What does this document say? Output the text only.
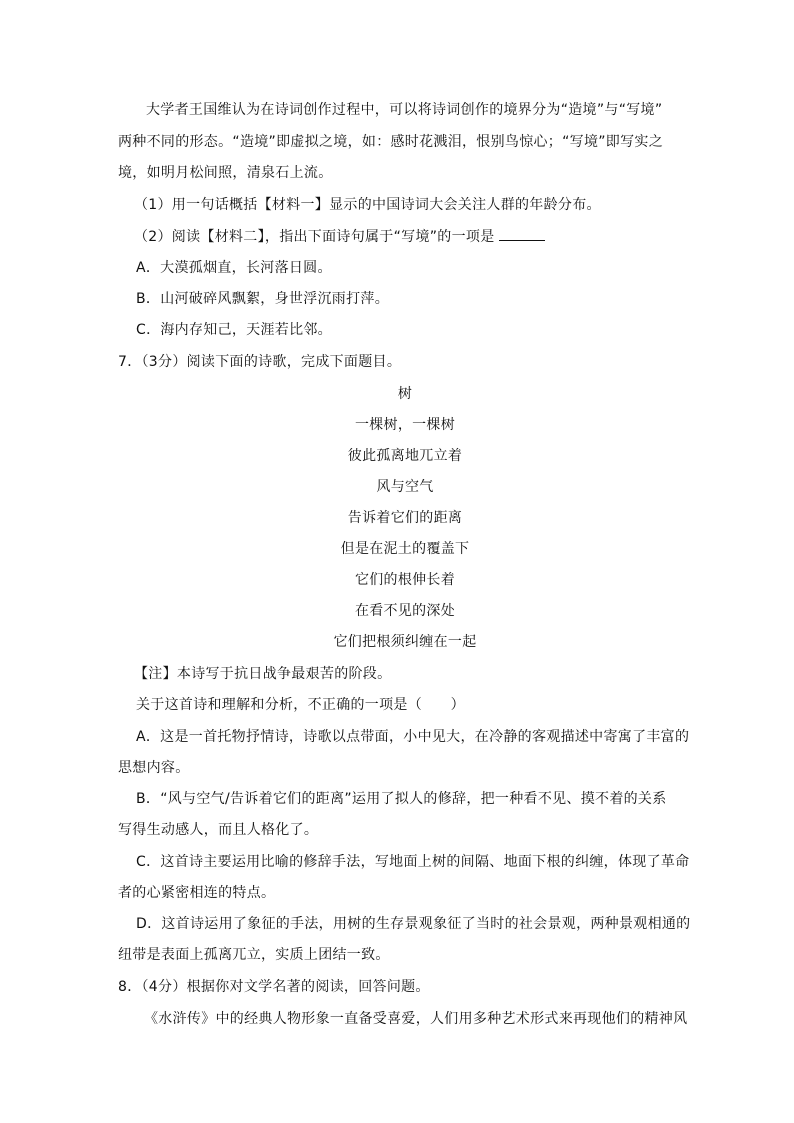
大学者王国维认为在诗词创作过程中，可以将诗词创作的境界分为“造境”与“写境”
两种不同的形态。“造境”即虚拟之境，如：感时花溅泪，恨别鸟惊心；“写境”即写实之
境，如明月松间照，清泉石上流。
（1）用一句话概括【材料一】显示的中国诗词大会关注人群的年龄分布。
（2）阅读【材料二】，指出下面诗句属于“写境”的一项是
A．大漠孤烟直，长河落日圆。
B．山河破碎风飘絮，身世浮沉雨打萍。
C．海内存知己，天涯若比邻。
7．（3分）阅读下面的诗歌，完成下面题目。
树
一棵树，一棵树
彼此孤离地兀立着
风与空气
告诉着它们的距离
但是在泥土的覆盖下
它们的根伸长着
在看不见的深处
它们把根须纠缠在一起
【注】本诗写于抗日战争最艰苦的阶段。
关于这首诗和理解和分析，不正确的一项是（　　）
A．这是一首托物抒情诗，诗歌以点带面，小中见大，在冷静的客观描述中寄寓了丰富的
思想内容。
B．“风与空气/告诉着它们的距离”运用了拟人的修辞，把一种看不见、摸不着的关系
写得生动感人，而且人格化了。
C．这首诗主要运用比喻的修辞手法，写地面上树的间隔、地面下根的纠缠，体现了革命
者的心紧密相连的特点。
D．这首诗运用了象征的手法，用树的生存景观象征了当时的社会景观，两种景观相通的
纽带是表面上孤离兀立，实质上团结一致。
8．（4分）根据你对文学名著的阅读，回答问题。
《水浒传》中的经典人物形象一直备受喜爱，人们用多种艺术形式来再现他们的精神风
